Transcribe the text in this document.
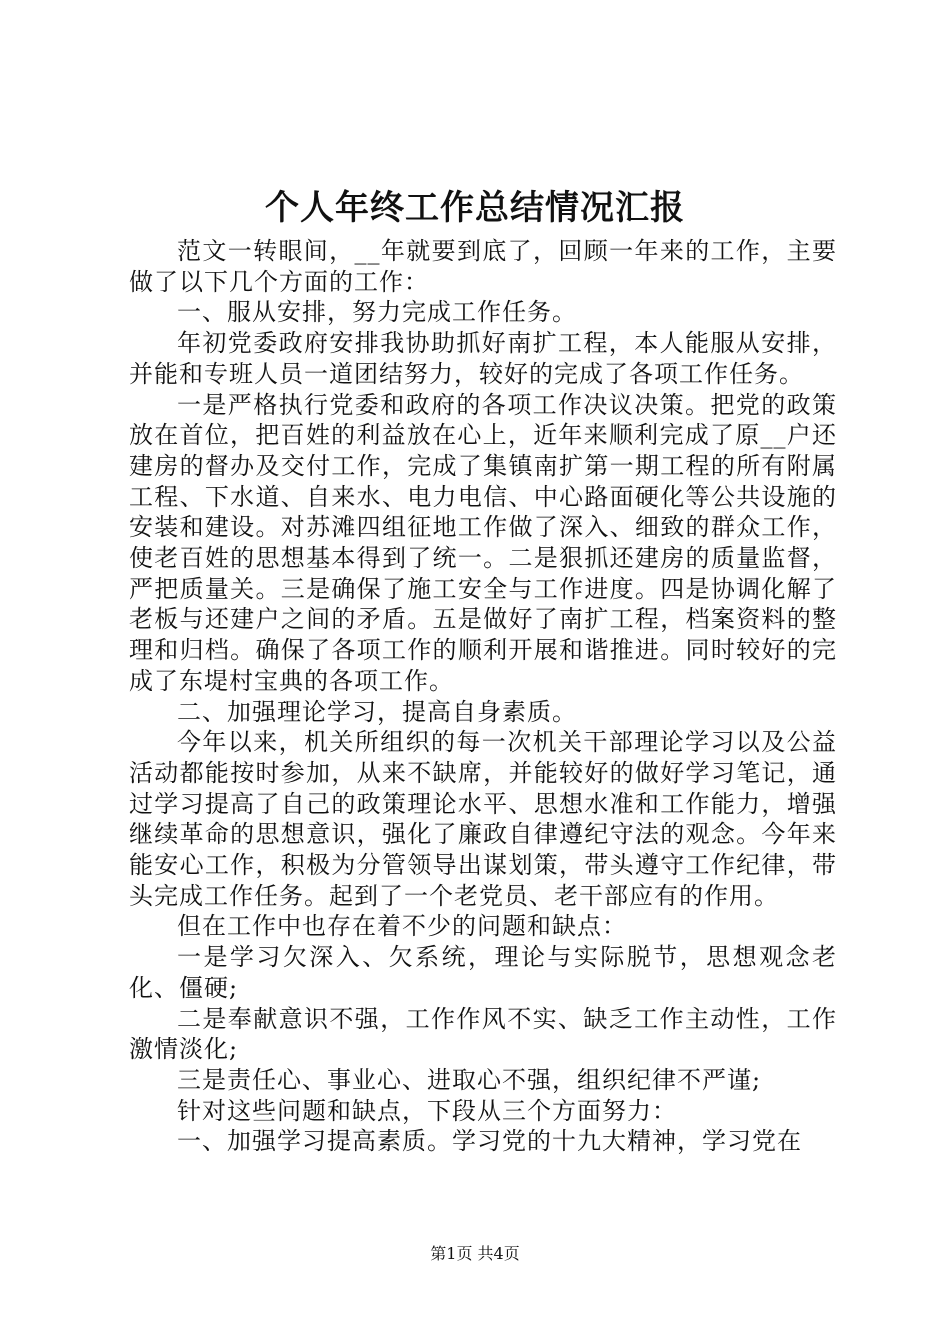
个人年终工作总结情况汇报

范文一转眼间，__年就要到底了，回顾一年来的工作，主要做了以下几个方面的工作：

一、服从安排，努力完成工作任务。

年初党委政府安排我协助抓好南扩工程，本人能服从安排，并能和专班人员一道团结努力，较好的完成了各项工作任务。

一是严格执行党委和政府的各项工作决议决策。把党的政策放在首位，把百姓的利益放在心上，近年来顺利完成了原__户还建房的督办及交付工作，完成了集镇南扩第一期工程的所有附属工程、下水道、自来水、电力电信、中心路面硬化等公共设施的安装和建设。对苏滩四组征地工作做了深入、细致的群众工作，使老百姓的思想基本得到了统一。二是狠抓还建房的质量监督，严把质量关。三是确保了施工安全与工作进度。四是协调化解了老板与还建户之间的矛盾。五是做好了南扩工程，档案资料的整理和归档。确保了各项工作的顺利开展和谐推进。同时较好的完成了东堤村宝典的各项工作。

二、加强理论学习，提高自身素质。

今年以来，机关所组织的每一次机关干部理论学习以及公益活动都能按时参加，从来不缺席，并能较好的做好学习笔记，通过学习提高了自己的政策理论水平、思想水准和工作能力，增强继续革命的思想意识，强化了廉政自律遵纪守法的观念。今年来能安心工作，积极为分管领导出谋划策，带头遵守工作纪律，带头完成工作任务。起到了一个老党员、老干部应有的作用。

但在工作中也存在着不少的问题和缺点：

一是学习欠深入、欠系统，理论与实际脱节，思想观念老化、僵硬;

二是奉献意识不强，工作作风不实、缺乏工作主动性，工作激情淡化;

三是责任心、事业心、进取心不强，组织纪律不严谨;

针对这些问题和缺点，下段从三个方面努力：

一、加强学习提高素质。学习党的十九大精神，学习党在

第1页 共4页
